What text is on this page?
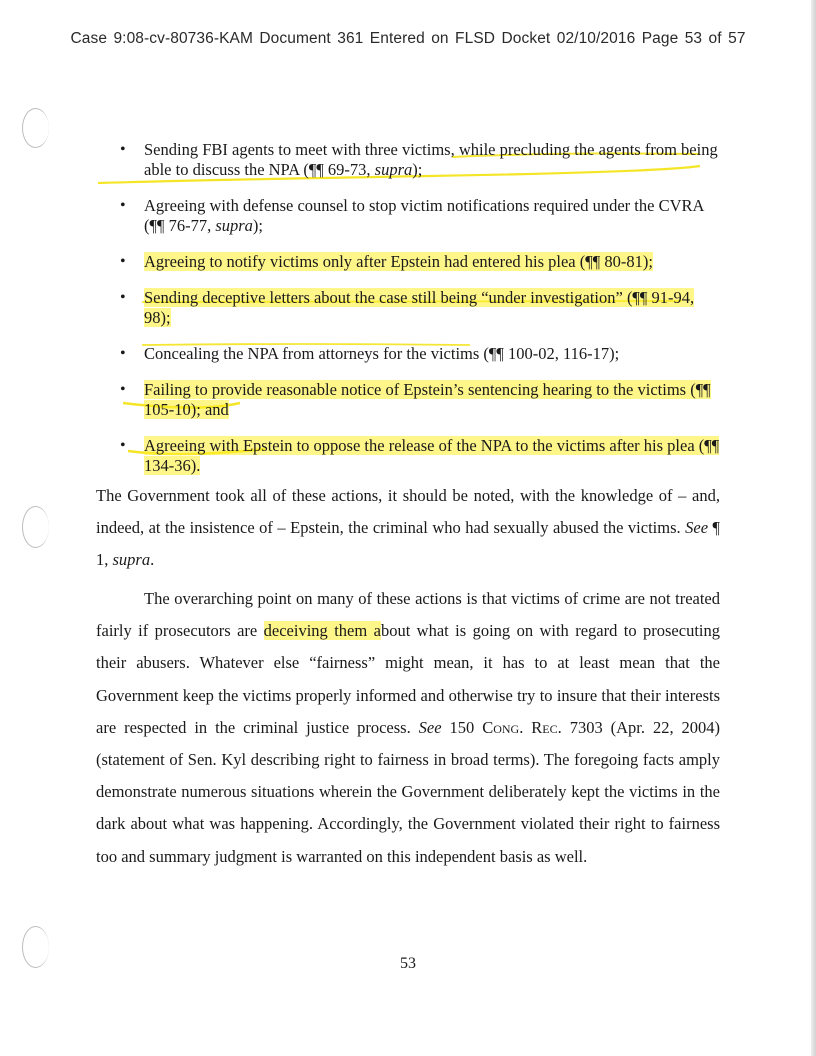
Case 9:08-cv-80736-KAM Document 361 Entered on FLSD Docket 02/10/2016 Page 53 of 57
• Sending FBI agents to meet with three victims, while precluding the agents from being able to discuss the NPA (¶¶ 69-73, supra);
• Agreeing with defense counsel to stop victim notifications required under the CVRA (¶¶ 76-77, supra);
• Agreeing to notify victims only after Epstein had entered his plea (¶¶ 80-81);
• Sending deceptive letters about the case still being “under investigation” (¶¶ 91-94, 98);
• Concealing the NPA from attorneys for the victims (¶¶ 100-02, 116-17);
• Failing to provide reasonable notice of Epstein’s sentencing hearing to the victims (¶¶ 105-10); and
• Agreeing with Epstein to oppose the release of the NPA to the victims after his plea (¶¶ 134-36).

The Government took all of these actions, it should be noted, with the knowledge of – and, indeed, at the insistence of – Epstein, the criminal who had sexually abused the victims. See ¶ 1, supra.

The overarching point on many of these actions is that victims of crime are not treated fairly if prosecutors are deceiving them about what is going on with regard to prosecuting their abusers. Whatever else “fairness” might mean, it has to at least mean that the Government keep the victims properly informed and otherwise try to insure that their interests are respected in the criminal justice process. See 150 Cong. Rec. 7303 (Apr. 22, 2004) (statement of Sen. Kyl describing right to fairness in broad terms). The foregoing facts amply demonstrate numerous situations wherein the Government deliberately kept the victims in the dark about what was happening. Accordingly, the Government violated their right to fairness too and summary judgment is warranted on this independent basis as well.

53
